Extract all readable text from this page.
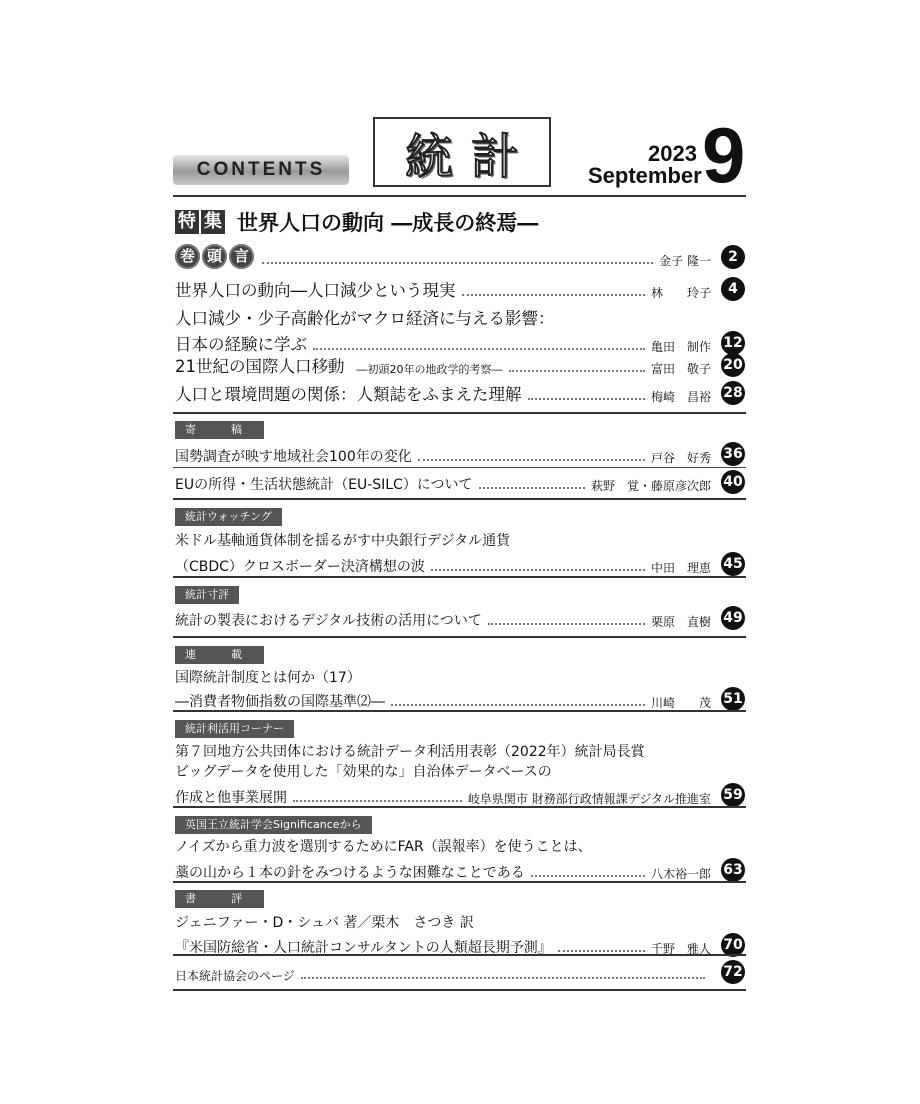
CONTENTS	統計	2023
September 9
特 集 世界人口の動向 ―成長の終焉―
巻 頭 言	金子 隆一	2
世界人口の動向―人口減少という現実	林　　玲子	4
人口減少・少子高齢化がマクロ経済に与える影響：
日本の経験に学ぶ	亀田　制作 12
21世紀の国際人口移動 ―初頭20年の地政学的考察―	富田　敬子 20
人口と環境問題の関係：人類誌をふまえた理解	梅崎　昌裕 28
寄　稿
国勢調査が映す地域社会100年の変化	戸谷　好秀 36
EUの所得・生活状態統計（EU-SILC）について	萩野　覚・藤原彦次郎 40
統計ウォッチング
米ドル基軸通貨体制を揺るがす中央銀行デジタル通貨
（CBDC）クロスボーダー決済構想の波	中田　理恵 45
統計寸評
統計の製表におけるデジタル技術の活用について	栗原　直樹 49
連　載
国際統計制度とは何か（17）
―消費者物価指数の国際基準⑵―	川崎　　茂 51
統計利活用コーナー
第７回地方公共団体における統計データ利活用表彰（2022年）統計局長賞
ビッグデータを使用した「効果的な」自治体データベースの
作成と他事業展開	岐阜県関市 財務部行政情報課デジタル推進室 59
英国王立統計学会Significanceから
ノイズから重力波を選別するためにFAR（誤報率）を使うことは、
藁の山から１本の針をみつけるような困難なことである	八木裕一郎 63
書　評
ジェニファー・D・シュバ 著／栗木　さつき 訳
『米国防総省・人口統計コンサルタントの人類超長期予測』	千野　雅人 70
日本統計協会のページ	72
